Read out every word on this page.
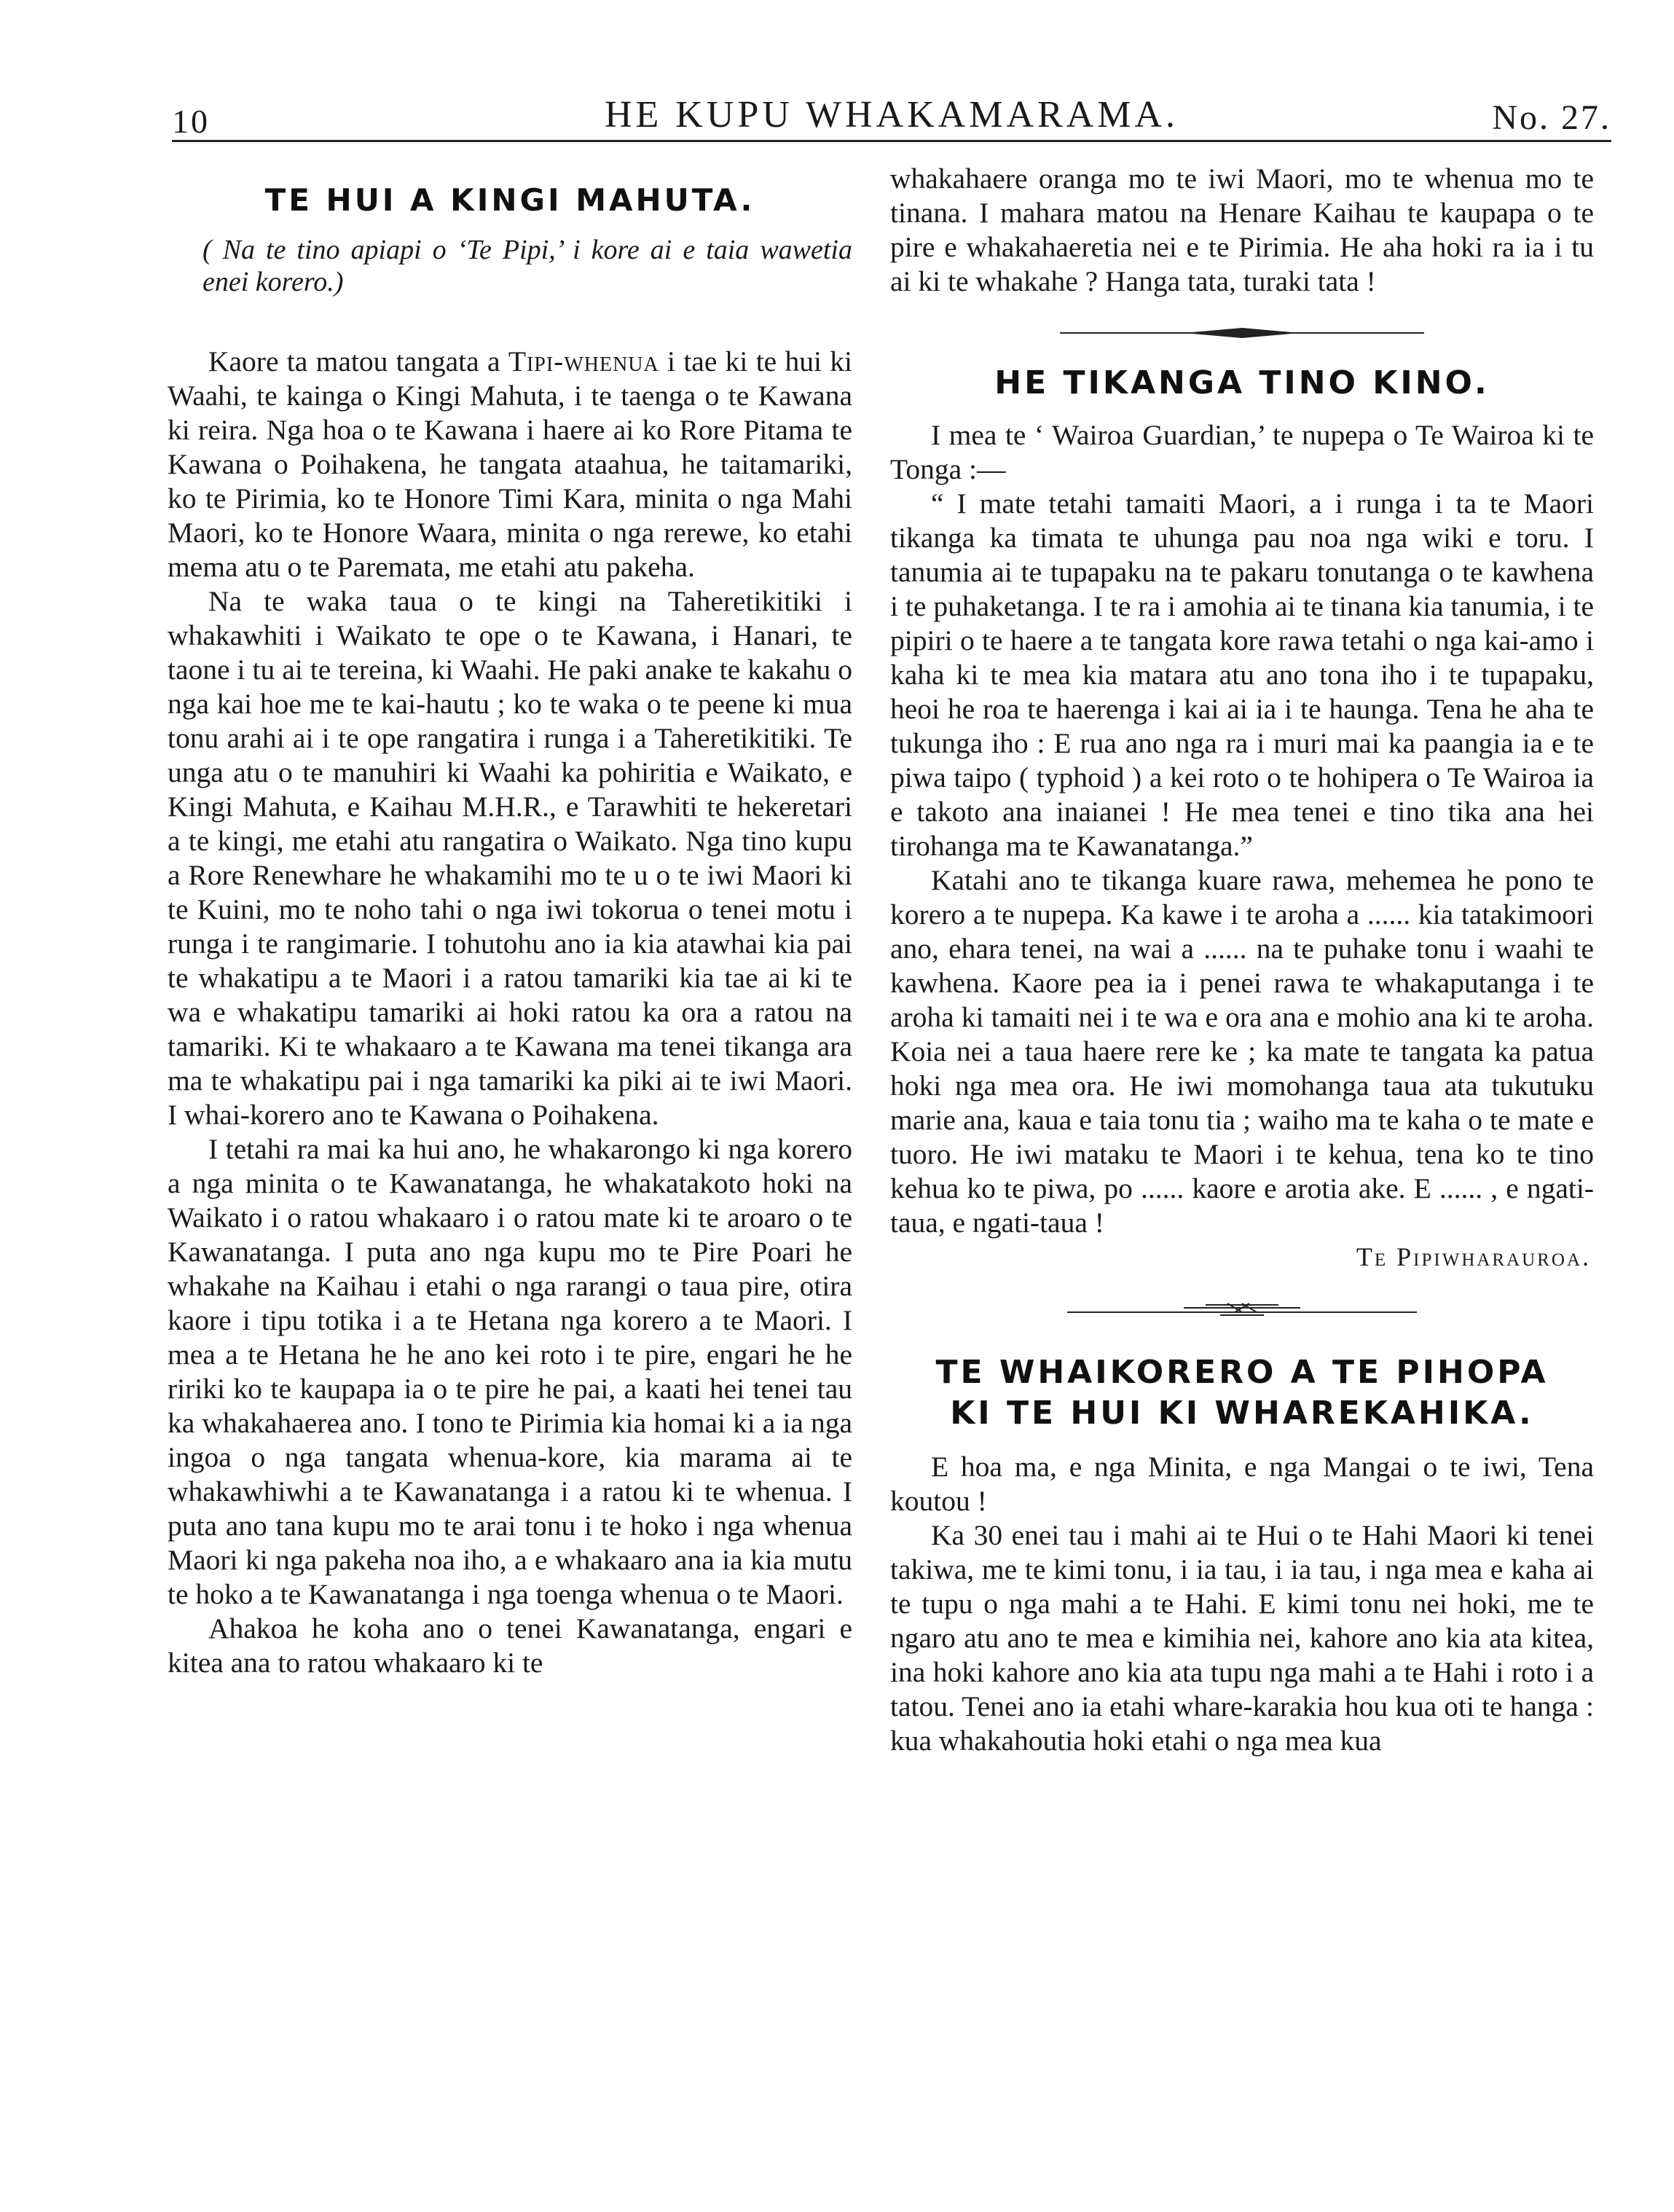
10	HE KUPU WHAKAMARAMA.	No. 27.
TE HUI A KINGI MAHUTA.

( Na te tino apiapi o ‘Te Pipi,’ i kore ai e taia wawetia enei korero.)

Kaore ta matou tangata a Tipi-whenua i tae ki te hui ki Waahi, te kainga o Kingi Mahuta, i te taenga o te Kawana ki reira. Nga hoa o te Kawana i haere ai ko Rore Pitama te Kawana o Poihakena, he tangata ataahua, he taitamariki, ko te Pirimia, ko te Honore Timi Kara, minita o nga Mahi Maori, ko te Honore Waara, minita o nga rerewe, ko etahi mema atu o te Paremata, me etahi atu pakeha.

Na te waka taua o te kingi na Taheretikitiki i whakawhiti i Waikato te ope o te Kawana, i Hanari, te taone i tu ai te tereina, ki Waahi. He paki anake te kakahu o nga kai hoe me te kai-hautu ; ko te waka o te peene ki mua tonu arahi ai i te ope rangatira i runga i a Taheretikitiki. Te unga atu o te manuhiri ki Waahi ka pohiritia e Waikato, e Kingi Mahuta, e Kaihau M.H.R., e Tarawhiti te hekeretari a te kingi, me etahi atu rangatira o Waikato. Nga tino kupu a Rore Renewhare he whakamihi mo te u o te iwi Maori ki te Kuini, mo te noho tahi o nga iwi tokorua o tenei motu i runga i te rangimarie. I tohutohu ano ia kia atawhai kia pai te whakatipu a te Maori i a ratou tamariki kia tae ai ki te wa e whakatipu tamariki ai hoki ratou ka ora a ratou na tamariki. Ki te whakaaro a te Kawana ma tenei tikanga ara ma te whakatipu pai i nga tamariki ka piki ai te iwi Maori. I whai-korero ano te Kawana o Poihakena.

I tetahi ra mai ka hui ano, he whakarongo ki nga korero a nga minita o te Kawanatanga, he whakatakoto hoki na Waikato i o ratou whakaaro i o ratou mate ki te aroaro o te Kawanatanga. I puta ano nga kupu mo te Pire Poari he whakahe na Kaihau i etahi o nga rarangi o taua pire, otira kaore i tipu totika i a te Hetana nga korero a te Maori. I mea a te Hetana he he ano kei roto i te pire, engari he he ririki ko te kaupapa ia o te pire he pai, a kaati hei tenei tau ka whakahaerea ano. I tono te Pirimia kia homai ki a ia nga ingoa o nga tangata whenua-kore, kia marama ai te whakawhiwhi a te Kawanatanga i a ratou ki te whenua. I puta ano tana kupu mo te arai tonu i te hoko i nga whenua Maori ki nga pakeha noa iho, a e whakaaro ana ia kia mutu te hoko a te Kawanatanga i nga toenga whenua o te Maori.

Ahakoa he koha ano o tenei Kawanatanga, engari e kitea ana to ratou whakaaro ki te

whakahaere oranga mo te iwi Maori, mo te whenua mo te tinana. I mahara matou na Henare Kaihau te kaupapa o te pire e whakahaeretia nei e te Pirimia. He aha hoki ra ia i tu ai ki te whakahe ? Hanga tata, turaki tata !

HE TIKANGA TINO KINO.

I mea te ‘ Wairoa Guardian,’ te nupepa o Te Wairoa ki te Tonga :—

“ I mate tetahi tamaiti Maori, a i runga i ta te Maori tikanga ka timata te uhunga pau noa nga wiki e toru. I tanumia ai te tupapaku na te pakaru tonutanga o te kawhena i te puhaketanga. I te ra i amohia ai te tinana kia tanumia, i te pipiri o te haere a te tangata kore rawa tetahi o nga kai-amo i kaha ki te mea kia matara atu ano tona iho i te tupapaku, heoi he roa te haerenga i kai ai ia i te haunga. Tena he aha te tukunga iho : E rua ano nga ra i muri mai ka paangia ia e te piwa taipo ( typhoid ) a kei roto o te hohipera o Te Wairoa ia e takoto ana inaianei ! He mea tenei e tino tika ana hei tirohanga ma te Kawanatanga.”

Katahi ano te tikanga kuare rawa, mehemea he pono te korero a te nupepa. Ka kawe i te aroha a ...... kia tatakimoori ano, ehara tenei, na wai a ...... na te puhake tonu i waahi te kawhena. Kaore pea ia i penei rawa te whakaputanga i te aroha ki tamaiti nei i te wa e ora ana e mohio ana ki te aroha. Koia nei a taua haere rere ke ; ka mate te tangata ka patua hoki nga mea ora. He iwi momohanga taua ata tukutuku marie ana, kaua e taia tonu tia ; waiho ma te kaha o te mate e tuoro. He iwi mataku te Maori i te kehua, tena ko te tino kehua ko te piwa, po ...... kaore e arotia ake. E ...... , e ngati-taua, e ngati-taua !

Te Pipiwharauroa.
TE WHAIKORERO A TE PIHOPA
KI TE HUI KI WHAREKAHIKA.

E hoa ma, e nga Minita, e nga Mangai o te iwi, Tena koutou !

Ka 30 enei tau i mahi ai te Hui o te Hahi Maori ki tenei takiwa, me te kimi tonu, i ia tau, i ia tau, i nga mea e kaha ai te tupu o nga mahi a te Hahi. E kimi tonu nei hoki, me te ngaro atu ano te mea e kimihia nei, kahore ano kia ata kitea, ina hoki kahore ano kia ata tupu nga mahi a te Hahi i roto i a tatou. Tenei ano ia etahi whare-karakia hou kua oti te hanga : kua whakahoutia hoki etahi o nga mea kua
